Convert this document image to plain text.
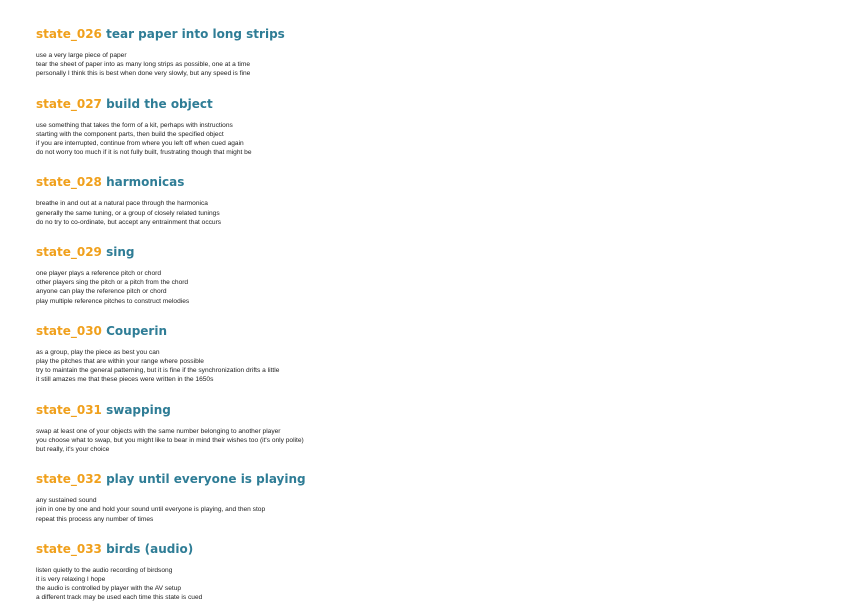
state_026 tear paper into long strips
use a very large piece of paper
tear the sheet of paper into as many long strips as possible, one at a time
personally I think this is best when done very slowly, but any speed is fine
state_027 build the object
use something that takes the form of a kit, perhaps with instructions
starting with the component parts, then build the specified object
if you are interrupted, continue from where you left off when cued again
do not worry too much if it is not fully built, frustrating though that might be
state_028 harmonicas
breathe in and out at a natural pace through the harmonica
generally the same tuning, or a group of closely related tunings
do no try to co-ordinate, but accept any entrainment that occurs
state_029 sing
one player plays a reference pitch or chord
other players sing the pitch or a pitch from the chord
anyone can play the reference pitch or chord
play multiple reference pitches to construct melodies
state_030 Couperin
as a group, play the piece as best you can
play the pitches that are within your range where possible
try to maintain the general patterning, but it is fine if the synchronization drifts a little
it still amazes me that these pieces were written in the 1650s
state_031 swapping
swap at least one of your objects with the same number belonging to another player
you choose what to swap, but you might like to bear in mind their wishes too (it's only polite)
but really, it's your choice
state_032 play until everyone is playing
any sustained sound
join in one by one and hold your sound until everyone is playing, and then stop
repeat this process any number of times
state_033 birds (audio)
listen quietly to the audio recording of birdsong
it is very relaxing I hope
the audio is controlled by player with the AV setup
a different track may be used each time this state is cued
